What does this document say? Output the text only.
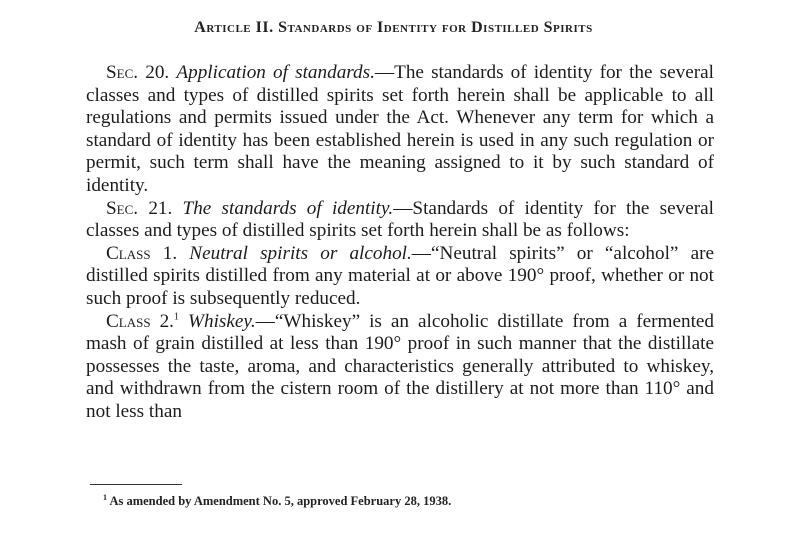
Article II. Standards of Identity for Distilled Spirits

Sec. 20. Application of standards.—The standards of identity for the several classes and types of distilled spirits set forth herein shall be applicable to all regulations and permits issued under the Act. Whenever any term for which a standard of identity has been established herein is used in any such regulation or permit, such term shall have the meaning assigned to it by such standard of identity.

Sec. 21. The standards of identity.—Standards of identity for the several classes and types of distilled spirits set forth herein shall be as follows:

Class 1. Neutral spirits or alcohol.—“Neutral spirits” or “alcohol” are distilled spirits distilled from any material at or above 190° proof, whether or not such proof is subsequently reduced.

Class 2.$^1$ Whiskey.—“Whiskey” is an alcoholic distillate from a fermented mash of grain distilled at less than 190° proof in such manner that the distillate possesses the taste, aroma, and characteristics generally attributed to whiskey, and withdrawn from the cistern room of the distillery at not more than 110° and not less than

$^1$ As amended by Amendment No. 5, approved February 28, 1938.
